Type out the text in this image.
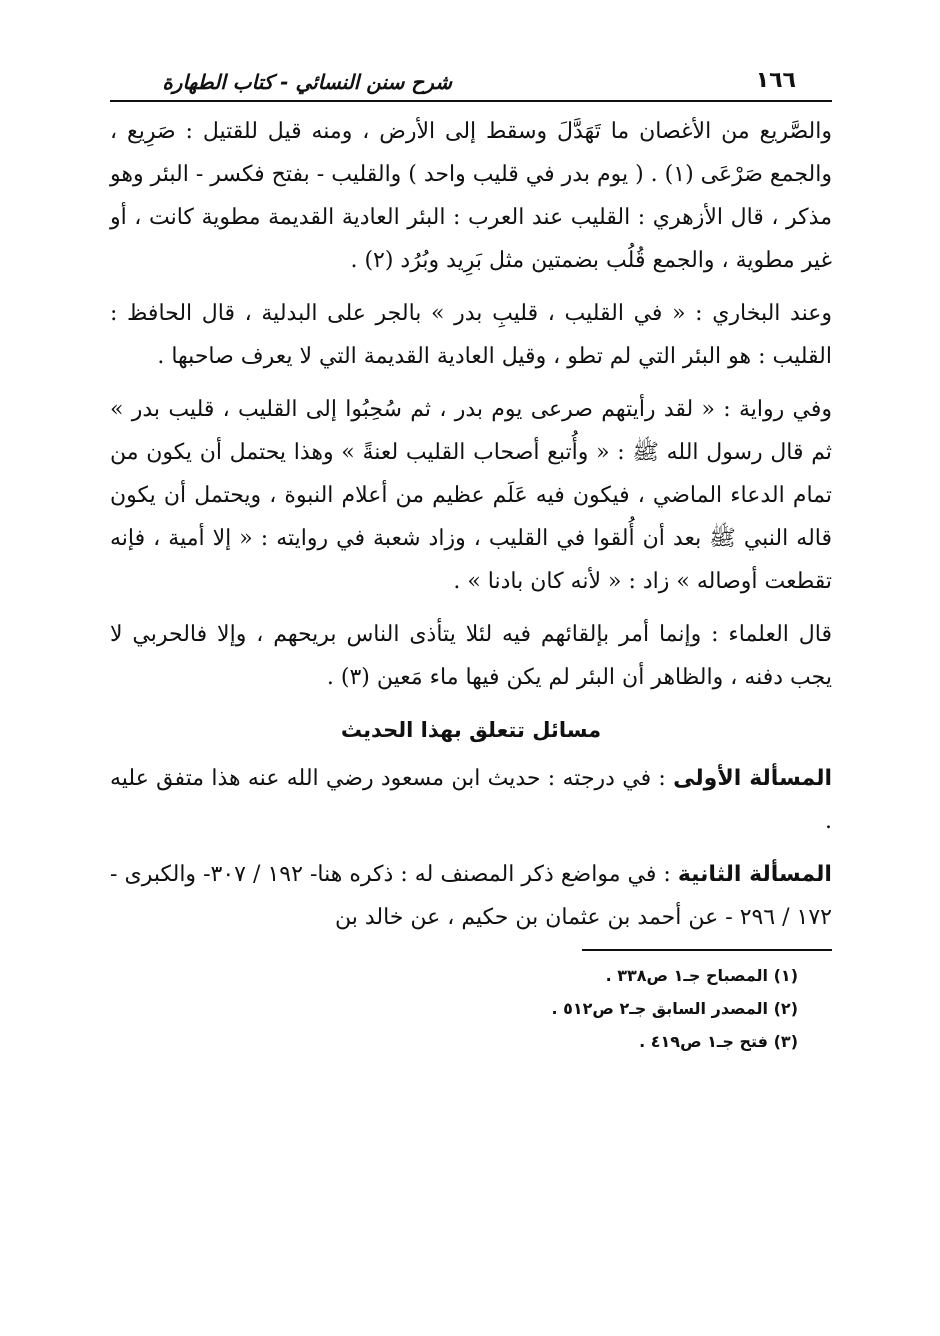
١٦٦
شرح سنن النسائي - كتاب الطهارة

والصَّريع من الأغصان ما تَهَدَّلَ وسقط إلى الأرض ، ومنه قيل للقتيل : صَرِيع ، والجمع صَرْعَى (١) . ( يوم بدر في قليب واحد ) والقليب - بفتح فكسر - البئر وهو مذكر ، قال الأزهري : القليب عند العرب : البئر العادية القديمة مطوية كانت ، أو غير مطوية ، والجمع قُلُب بضمتين مثل بَرِيد وبُرُد (٢) .

وعند البخاري : « في القليب ، قليبِ بدر » بالجر على البدلية ، قال الحافظ : القليب : هو البئر التي لم تطو ، وقيل العادية القديمة التي لا يعرف صاحبها .

وفي رواية : « لقد رأيتهم صرعى يوم بدر ، ثم سُحِبُوا إلى القليب ، قليب بدر » ثم قال رسول الله ﷺ : « وأُتبع أصحاب القليب لعنةً » وهذا يحتمل أن يكون من تمام الدعاء الماضي ، فيكون فيه عَلَم عظيم من أعلام النبوة ، ويحتمل أن يكون قاله النبي ﷺ بعد أن أُلقوا في القليب ، وزاد شعبة في روايته : « إلا أمية ، فإنه تقطعت أوصاله » زاد : « لأنه كان بادنا » .

قال العلماء : وإنما أمر بإلقائهم فيه لئلا يتأذى الناس بريحهم ، وإلا فالحربي لا يجب دفنه ، والظاهر أن البئر لم يكن فيها ماء مَعين (٣) .

مسائل تتعلق بهذا الحديث

المسألة الأولى : في درجته : حديث ابن مسعود رضي الله عنه هذا متفق عليه .

المسألة الثانية : في مواضع ذكر المصنف له : ذكره هنا- ١٩٢ / ٣٠٧- والكبرى - ١٧٢ / ٢٩٦ - عن أحمد بن عثمان بن حكيم ، عن خالد بن

(١) المصباح جـ١ ص٣٣٨ .
(٢) المصدر السابق جـ٢ ص٥١٢ .
(٣) فتح جـ١ ص٤١٩ .
